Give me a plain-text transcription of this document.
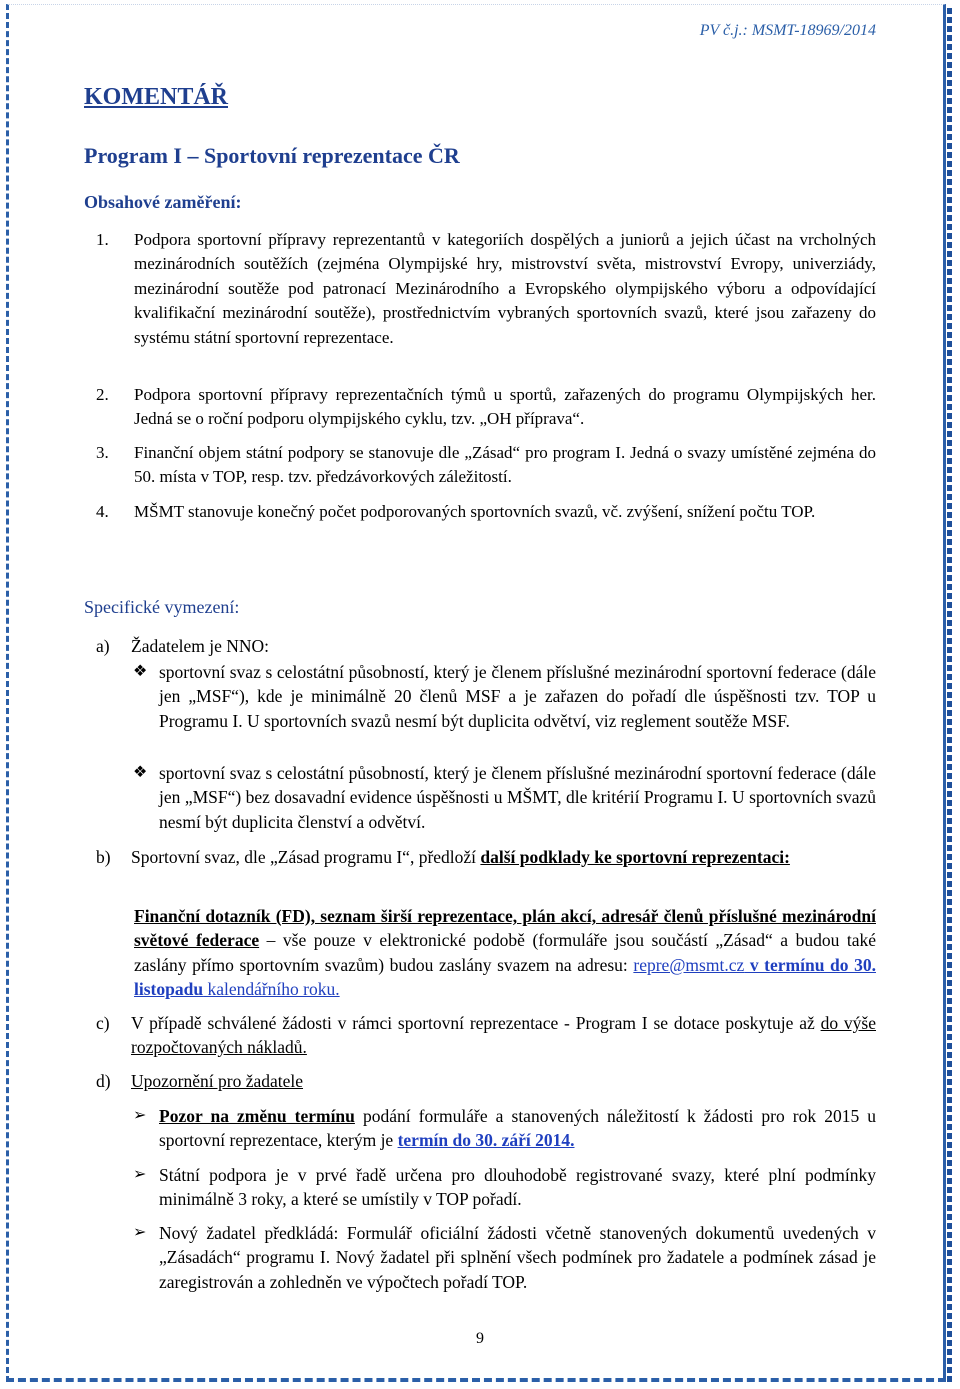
PV č.j.: MSMT-18969/2014
KOMENTÁŘ
Program I – Sportovní reprezentace ČR
Obsahové zaměření:
1. Podpora sportovní přípravy reprezentantů v kategoriích dospělých a juniorů a jejich účast na vrcholných mezinárodních soutěžích (zejména Olympijské hry, mistrovství světa, mistrovství Evropy, univerziády, mezinárodní soutěže pod patronací Mezinárodního a Evropského olympijského výboru a odpovídající kvalifikační mezinárodní soutěže), prostřednictvím vybraných sportovních svazů, které jsou zařazeny do systému státní sportovní reprezentace.
2. Podpora sportovní přípravy reprezentačních týmů u sportů, zařazených do programu Olympijských her. Jedná se o roční podporu olympijského cyklu, tzv. „OH příprava“.
3. Finanční objem státní podpory se stanovuje dle „Zásad“ pro program I. Jedná o svazy umístěné zejména do 50. místa v TOP, resp. tzv. předzávorkových záležitostí.
4. MŠMT stanovuje konečný počet podporovaných sportovních svazů, vč. zvýšení, snížení počtu TOP.
Specifické vymezení:
a) Žadatelem je NNO:
❖ sportovní svaz s celostátní působností, který je členem příslušné mezinárodní sportovní federace (dále jen „MSF“), kde je minimálně 20 členů MSF a je zařazen do pořadí dle úspěšnosti tzv. TOP u Programu I. U sportovních svazů nesmí být duplicita odvětví, viz reglement soutěže MSF.
❖ sportovní svaz s celostátní působností, který je členem příslušné mezinárodní sportovní federace (dále jen „MSF“) bez dosavadní evidence úspěšnosti u MŠMT, dle kritérií Programu I. U sportovních svazů nesmí být duplicita členství a odvětví.
b) Sportovní svaz, dle „Zásad programu I“, předloží další podklady ke sportovní reprezentaci:
Finanční dotazník (FD), seznam širší reprezentace, plán akcí, adresář členů příslušné mezinárodní světové federace – vše pouze v elektronické podobě (formuláře jsou součástí „Zásad“ a budou také zaslány přímo sportovním svazům) budou zaslány svazem na adresu: repre@msmt.cz v termínu do 30. listopadu kalendářního roku.
c) V případě schválené žádosti v rámci sportovní reprezentace - Program I se dotace poskytuje až do výše rozpočtovaných nákladů.
d) Upozornění pro žadatele
➢ Pozor na změnu termínu podání formuláře a stanovených náležitostí k žádosti pro rok 2015 u sportovní reprezentace, kterým je termín do 30. září 2014.
➢ Státní podpora je v prvé řadě určena pro dlouhodobě registrované svazy, které plní podmínky minimálně 3 roky, a které se umístily v TOP pořadí.
➢ Nový žadatel předkládá: Formulář oficiální žádosti včetně stanovených dokumentů uvedených v „Zásadách“ programu I. Nový žadatel při splnění všech podmínek pro žadatele a podmínek zásad je zaregistrován a zohledněn ve výpočtech pořadí TOP.
9
